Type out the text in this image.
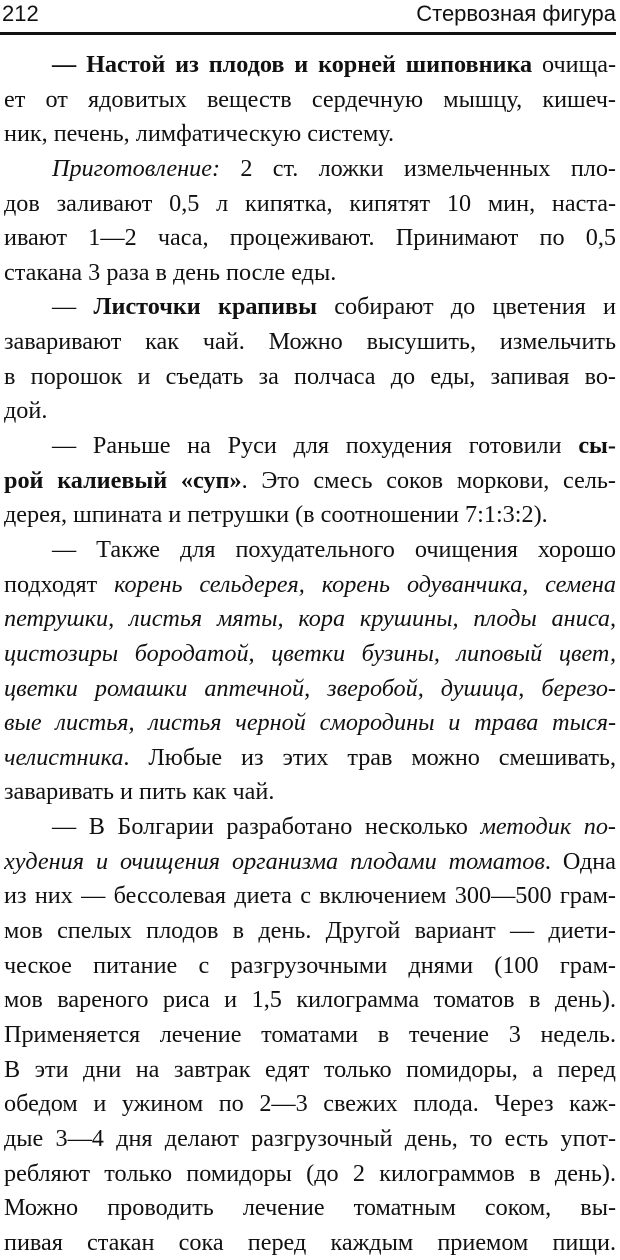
212	Стервозная фигура
— Настой из плодов и корней шиповника очища-
ет от ядовитых веществ сердечную мышцу, кишеч-
ник, печень, лимфатическую систему.
Приготовление: 2 ст. ложки измельченных пло-
дов заливают 0,5 л кипятка, кипятят 10 мин, наста-
ивают 1—2 часа, процеживают. Принимают по 0,5
стакана 3 раза в день после еды.
— Листочки крапивы собирают до цветения и
заваривают как чай. Можно высушить, измельчить
в порошок и съедать за полчаса до еды, запивая во-
дой.
— Раньше на Руси для похудения готовили сы-
рой калиевый «суп». Это смесь соков моркови, сель-
дерея, шпината и петрушки (в соотношении 7:1:3:2).
— Также для похудательного очищения хорошо
подходят корень сельдерея, корень одуванчика, семена
петрушки, листья мяты, кора крушины, плоды аниса,
цистозиры бородатой, цветки бузины, липовый цвет,
цветки ромашки аптечной, зверобой, душица, березо-
вые листья, листья черной смородины и трава тыся-
челистника. Любые из этих трав можно смешивать,
заваривать и пить как чай.
— В Болгарии разработано несколько методик по-
худения и очищения организма плодами томатов. Одна
из них — бессолевая диета с включением 300—500 грам-
мов спелых плодов в день. Другой вариант — диети-
ческое питание с разгрузочными днями (100 грам-
мов вареного риса и 1,5 килограмма томатов в день).
Применяется лечение томатами в течение 3 недель.
В эти дни на завтрак едят только помидоры, а перед
обедом и ужином по 2—3 свежих плода. Через каж-
дые 3—4 дня делают разгрузочный день, то есть упот-
ребляют только помидоры (до 2 килограммов в день).
Можно проводить лечение томатным соком, вы-
пивая стакан сока перед каждым приемом пищи.
